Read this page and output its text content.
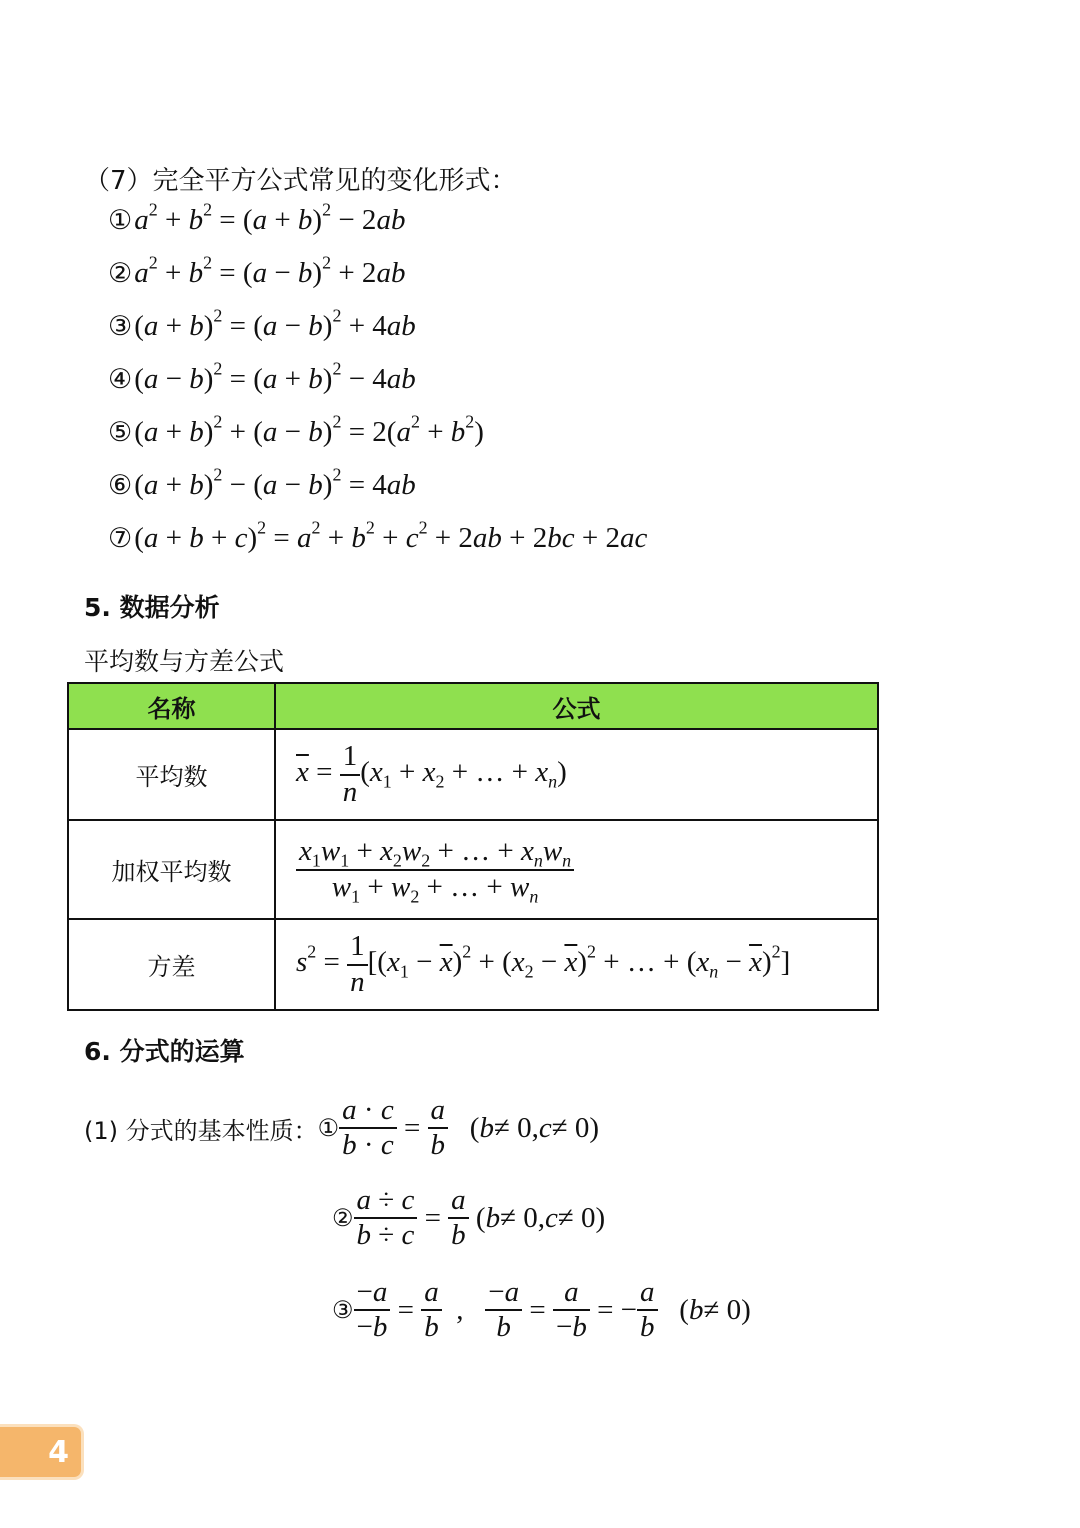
（7）完全平方公式常见的变化形式：
$①a^2 + b^2 = (a + b)^2 - 2ab$
$②a^2 + b^2 = (a - b)^2 + 2ab$
③(a + $b)^2 = (a - b)^2 + 4ab$
④(a − $b)^2 = (a + b)^2 - 4ab$
⑤(a + $b)^2 + (a - b)^2 = 2(a^2 + b^2)$
⑥(a + $b)^2 - (a - b)^2 = 4ab$
⑦(a + $b + c)^2 = a^2 + b^2 + c^2 + 2ab + 2bc + 2ac$
5. 数据分析
平均数与方差公式
名称	公式
平均数	$\overline{x} = \frac{1}{n} (x_1 + x_2$ + … + $x_n$)
加权平均数	$\frac{x_1w_1 + x_2w_2 + \dots + x_nw_n}{w_1 + w_2 + \dots + w_n}$

方差	$s^2 = \frac{1}{n} [(x_1 - \overline{x})^2 + (x_2 - \overline{x})^2$ + … + $(x_n - \overline{x})^2$]
6. 分式的运算
(1) 分式的基本性质： ① $\frac{a \cdot c}{b \cdot c} = \frac{a}{b}$ ( b ≠ 0, c ≠ 0)
② $\frac{a \div c}{b \div c} = \frac{a}{b}$ ( b ≠ 0, c ≠ 0)
③ $\frac{-a}{-b} = \frac{a}{b}$ , $\frac{-a}{b} = \frac{a}{-b}$ = − $\frac{a}{b}$ ( b ≠ 0)
4
